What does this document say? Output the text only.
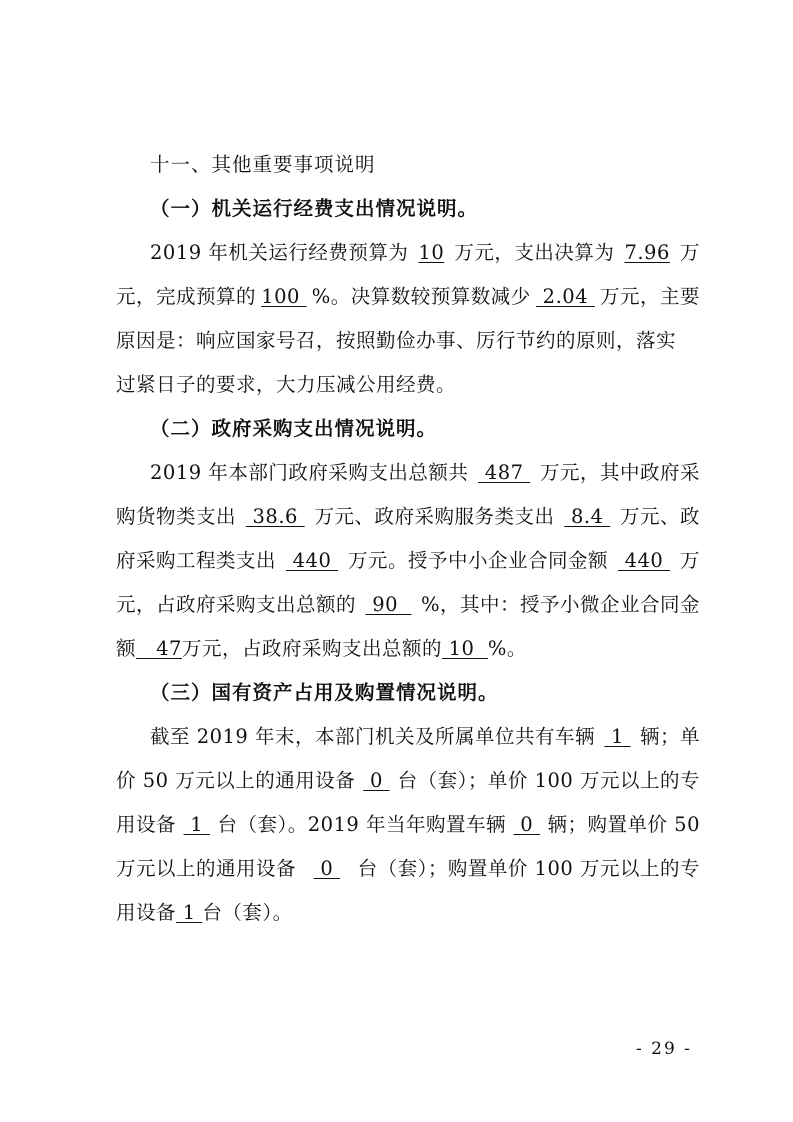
十一、其他重要事项说明
（一）机关运行经费支出情况说明。
2019 年机关运行经费预算为 10 万元，支出决算为 7.96 万
元，完成预算的 100 %。决算数较预算数减少 2.04 万元，主要
原因是：响应国家号召，按照勤俭办事、厉行节约的原则，落实
过紧日子的要求，大力压减公用经费。
（二）政府采购支出情况说明。
2019 年本部门政府采购支出总额共 487 万元，其中政府采
购货物类支出 38.6 万元、政府采购服务类支出 8.4 万元、政
府采购工程类支出 440 万元。授予中小企业合同金额 440 万
元，占政府采购支出总额的 90 %，其中：授予小微企业合同金
额   47万元，占政府采购支出总额的 10  %。
（三）国有资产占用及购置情况说明。
截至 2019 年末，本部门机关及所属单位共有车辆 1 辆；单
价 50 万元以上的通用设备 0 台（套）；单价 100 万元以上的专
用设备 1 台（套）。2019 年当年购置车辆 0 辆；购置单价 50
万元以上的通用设备 0 台（套）；购置单价 100 万元以上的专
用设备 1 台（套）。
- 29 -
